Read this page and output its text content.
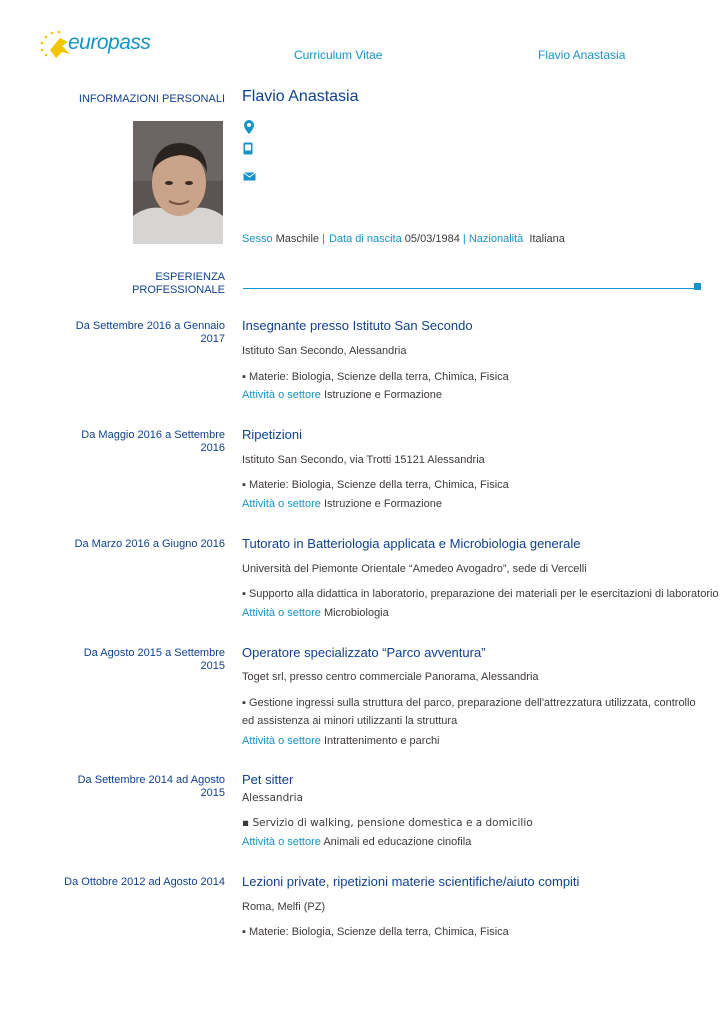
europass
Curriculum Vitae	Flavio Anastasia
INFORMAZIONI PERSONALI Flavio Anastasia
Sesso Maschile | Data di nascita 05/03/1984 | Nazionalità Italiana
ESPERIENZA
PROFESSIONALE
Da Settembre 2016 a Gennaio
2017
Insegnante presso Istituto San Secondo
Istituto San Secondo, Alessandria
▪ Materie: Biologia, Scienze della terra, Chimica, Fisica
Attività o settore Istruzione e Formazione
Da Maggio 2016 a Settembre
2016
Ripetizioni
Istituto San Secondo, via Trotti 15121 Alessandria
▪ Materie: Biologia, Scienze della terra, Chimica, Fisica
Attività o settore Istruzione e Formazione
Da Marzo 2016 a Giugno 2016 Tutorato in Batteriologia applicata e Microbiologia generale
Università del Piemonte Orientale “Amedeo Avogadro”, sede di Vercelli
▪ Supporto alla didattica in laboratorio, preparazione dei materiali per le esercitazioni di laboratorio
Attività o settore Microbiologia
Da Agosto 2015 a Settembre
2015
Operatore specializzato “Parco avventura”
Toget srl, presso centro commerciale Panorama, Alessandria
▪ Gestione ingressi sulla struttura del parco, preparazione dell'attrezzatura utilizzata, controllo
ed assistenza ai minori utilizzanti la struttura
Attività o settore Intrattenimento e parchi
Da Settembre 2014 ad Agosto
2015
Pet sitter
Alessandria
▪ Servizio di walking, pensione domestica e a domicilio
Attività o settore Animali ed educazione cinofila
Da Ottobre 2012 ad Agosto 2014 Lezioni private, ripetizioni materie scientifiche/aiuto compiti
Roma, Melfi (PZ)
▪ Materie: Biologia, Scienze della terra, Chimica, Fisica
